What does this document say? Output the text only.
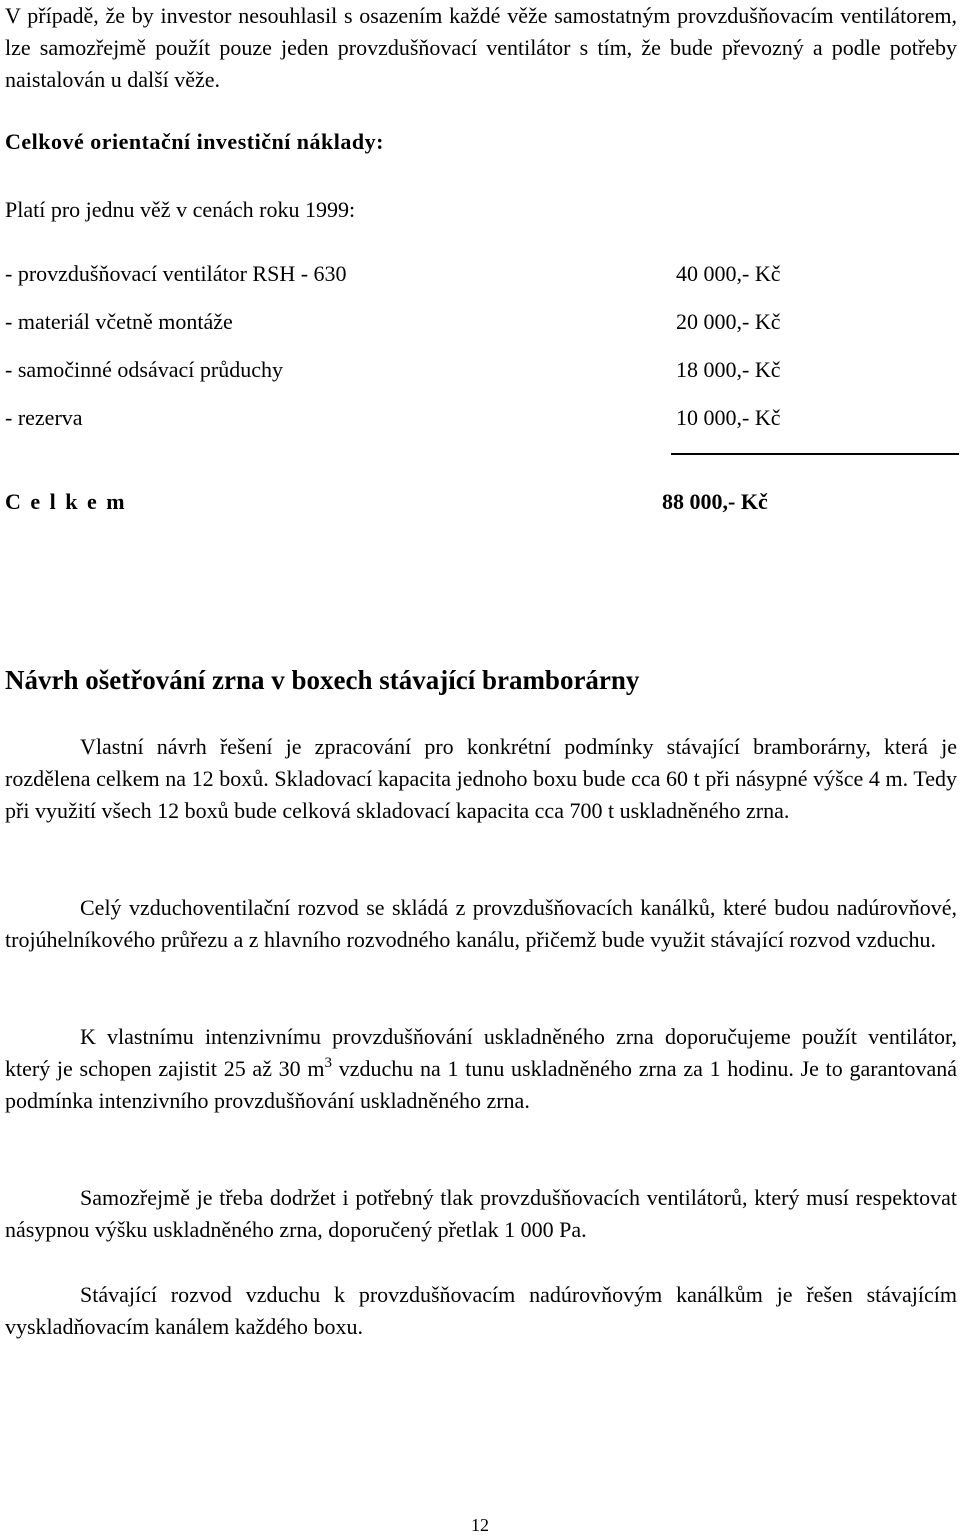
V případě, že by investor nesouhlasil s osazením každé věže samostatným provzdušňovacím ventilátorem, lze samozřejmě použít pouze jeden provzdušňovací ventilátor s tím, že bude převozný a podle potřeby naistalován u další věže.

Celkové orientační investiční náklady:

Platí pro jednu věž v cenách roku 1999:

- provzdušňovací ventilátor RSH - 630	40 000,- Kč
- materiál včetně montáže	20 000,- Kč
- samočinné odsávací průduchy	18 000,- Kč
- rezerva	10 000,- Kč
C e l k e m	88 000,- Kč
Návrh ošetřování zrna v boxech stávající bramborárny

Vlastní návrh řešení je zpracování pro konkrétní podmínky stávající bramborárny, která je rozdělena celkem na 12 boxů. Skladovací kapacita jednoho boxu bude cca 60 t při násypné výšce 4 m. Tedy při využití všech 12 boxů bude celková skladovací kapacita cca 700 t uskladněného zrna.

Celý vzduchoventilační rozvod se skládá z provzdušňovacích kanálků, které budou nadúrovňové, trojúhelníkového průřezu a z hlavního rozvodného kanálu, přičemž bude využit stávající rozvod vzduchu.

K vlastnímu intenzivnímu provzdušňování uskladněného zrna doporučujeme použít ventilátor, který je schopen zajistit 25 až 30 $m^3$ vzduchu na 1 tunu uskladněného zrna za 1 hodinu. Je to garantovaná podmínka intenzivního provzdušňování uskladněného zrna.

Samozřejmě je třeba dodržet i potřebný tlak provzdušňovacích ventilátorů, který musí respektovat násypnou výšku uskladněného zrna, doporučený přetlak 1 000 Pa.

Stávající rozvod vzduchu k provzdušňovacím nadúrovňovým kanálkům je řešen stávajícím vyskladňovacím kanálem každého boxu.

12
